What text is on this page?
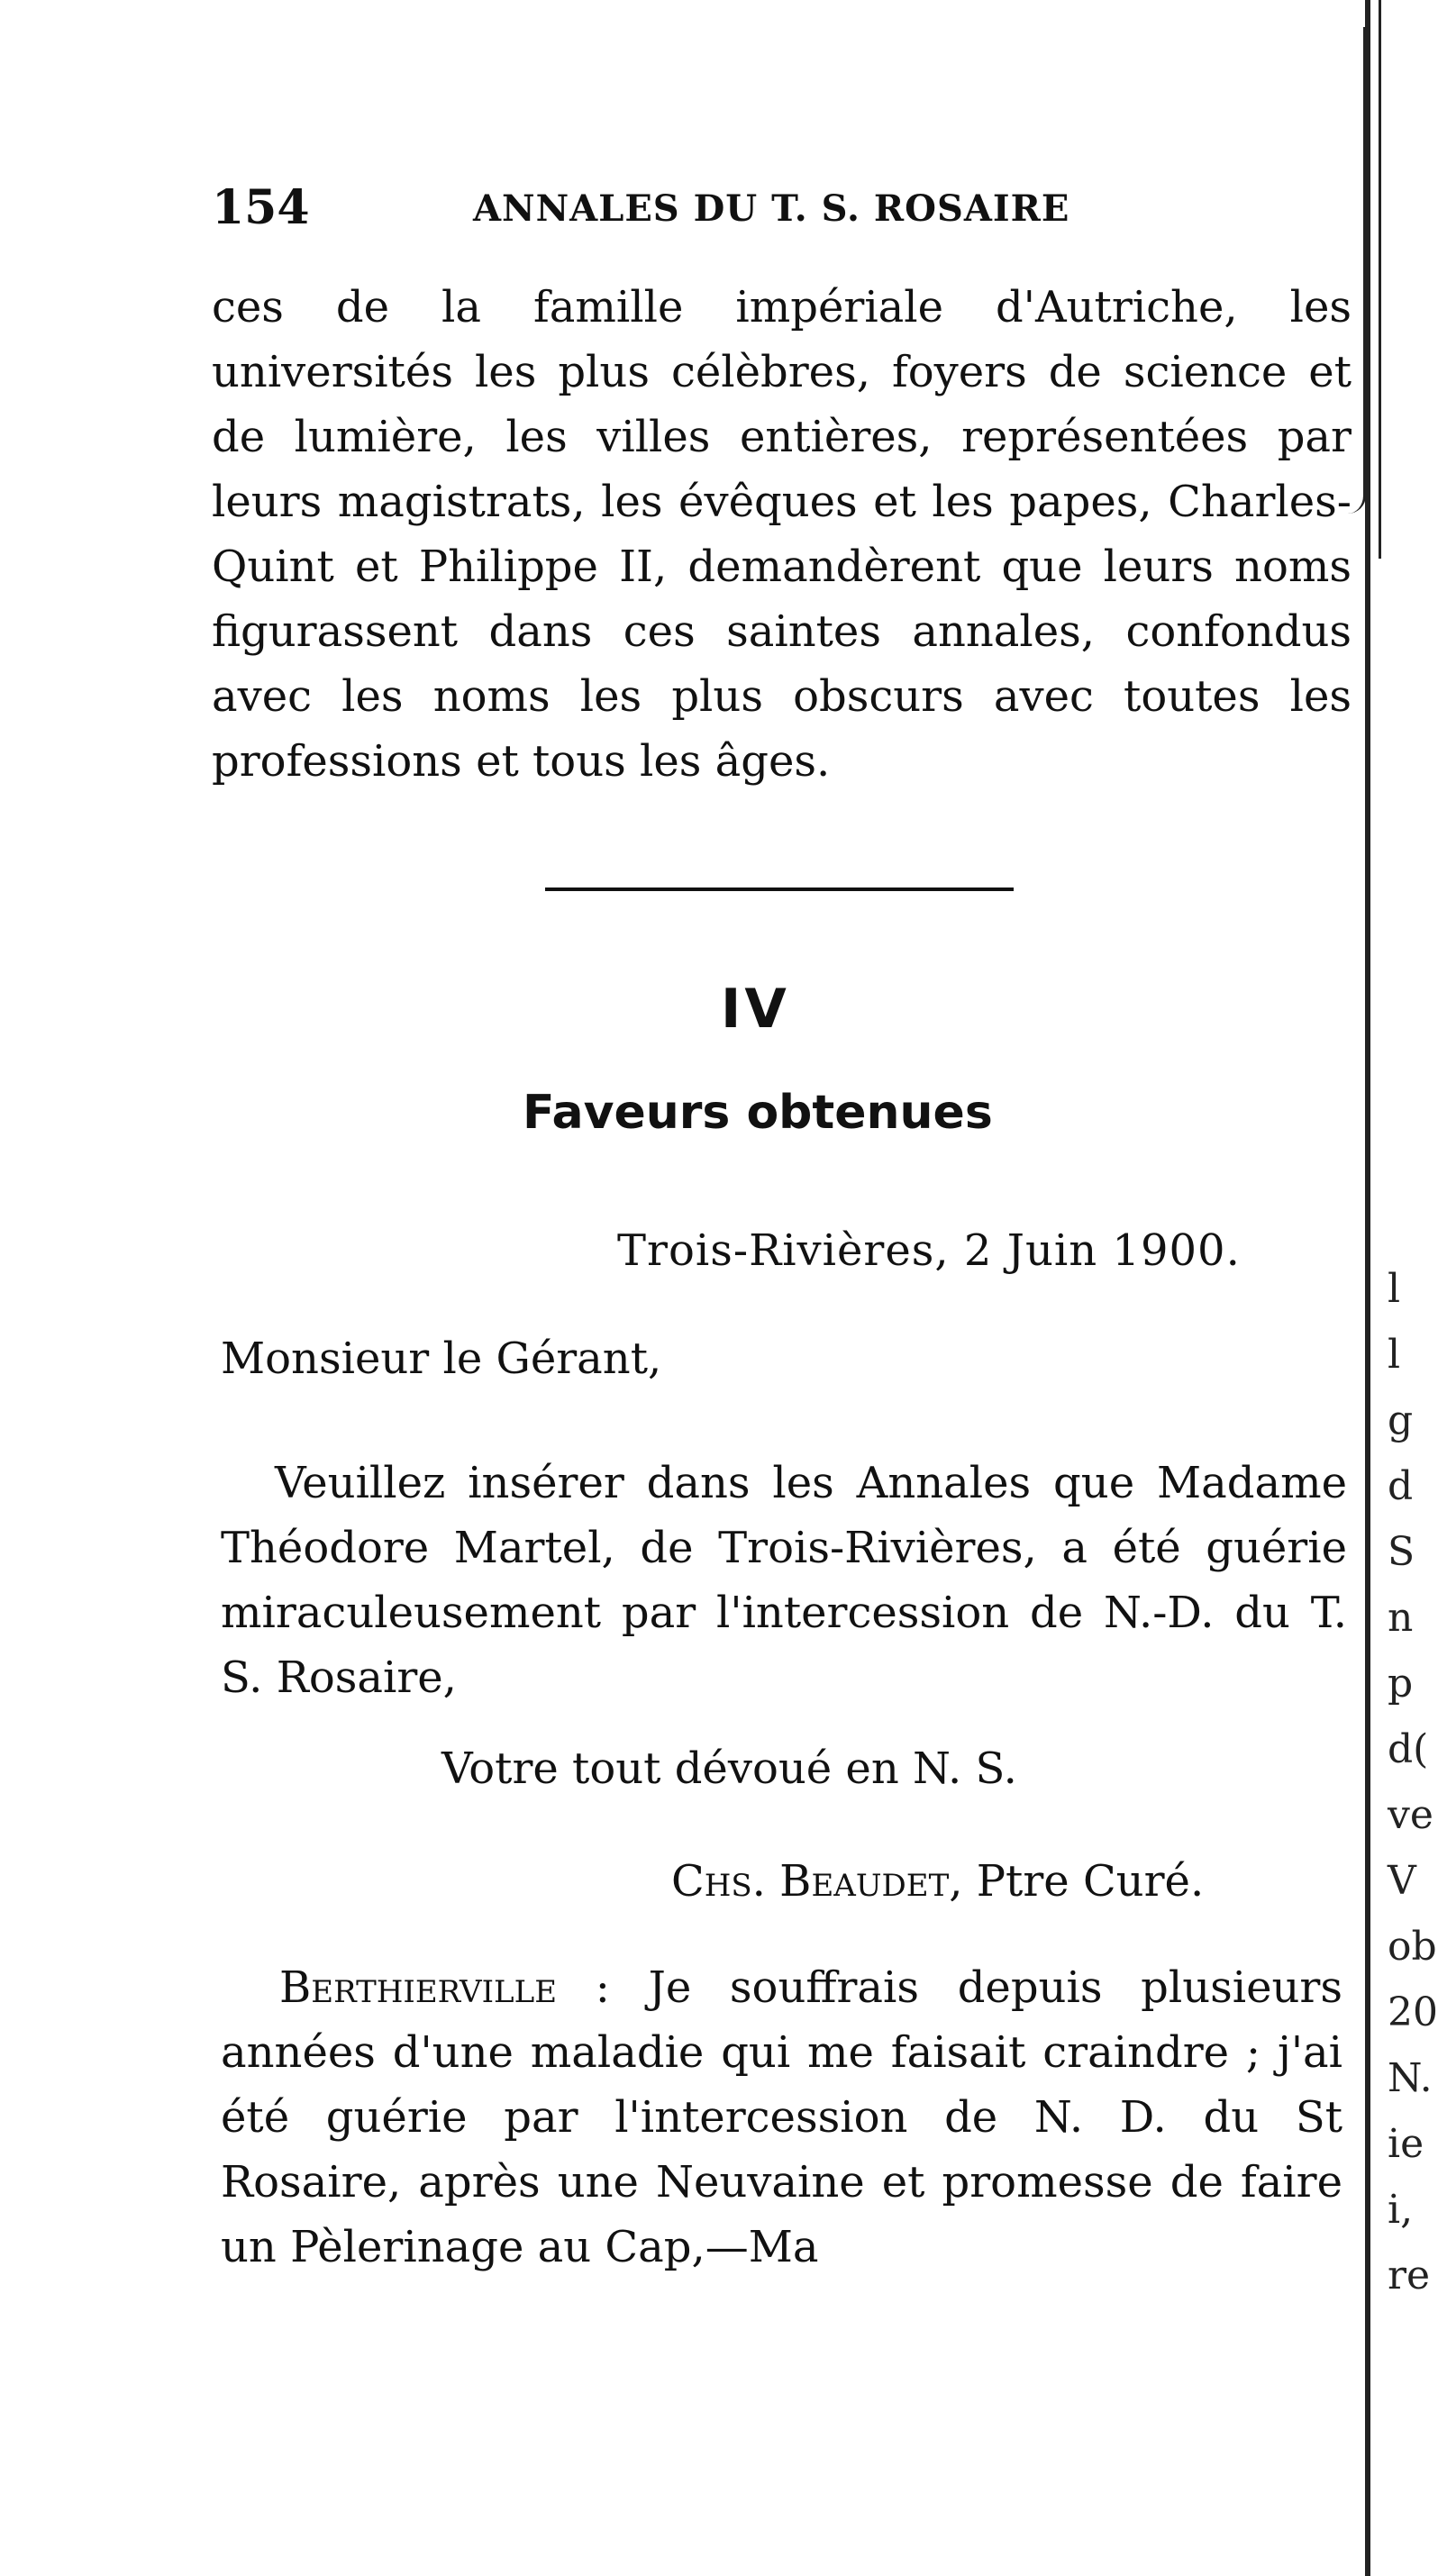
154	ANNALES DU T. S. ROSAIRE

ces de la famille impériale d'Autriche, les universités les plus célèbres, foyers de science et de lumière, les villes entières, représentées par leurs magistrats, les évêques et les papes, Charles-Quint et Philippe II, demandèrent que leurs noms figurassent dans ces saintes annales, confondus avec les noms les plus obscurs avec toutes les professions et tous les âges.

IV
Faveurs obtenues
Trois-Rivières, 2 Juin 1900.
Monsieur le Gérant,

Veuillez insérer dans les Annales que Madame Théodore Martel, de Trois-Rivières, a été guérie miraculeusement par l'intercession de N.-D. du T. S. Rosaire,

Votre tout dévoué en N. S.
Chs. Beaudet, Ptre Curé.

Berthierville : Je souffrais depuis plusieurs années d'une maladie qui me faisait craindre ; j'ai été guérie par l'intercession de N. D. du St Rosaire, après une Neuvaine et promesse de faire un Pèlerinage au Cap,—Ma

l
l
g
d
S
n
p
d(
ve
V
ob
20
N.
ie
i,
re
